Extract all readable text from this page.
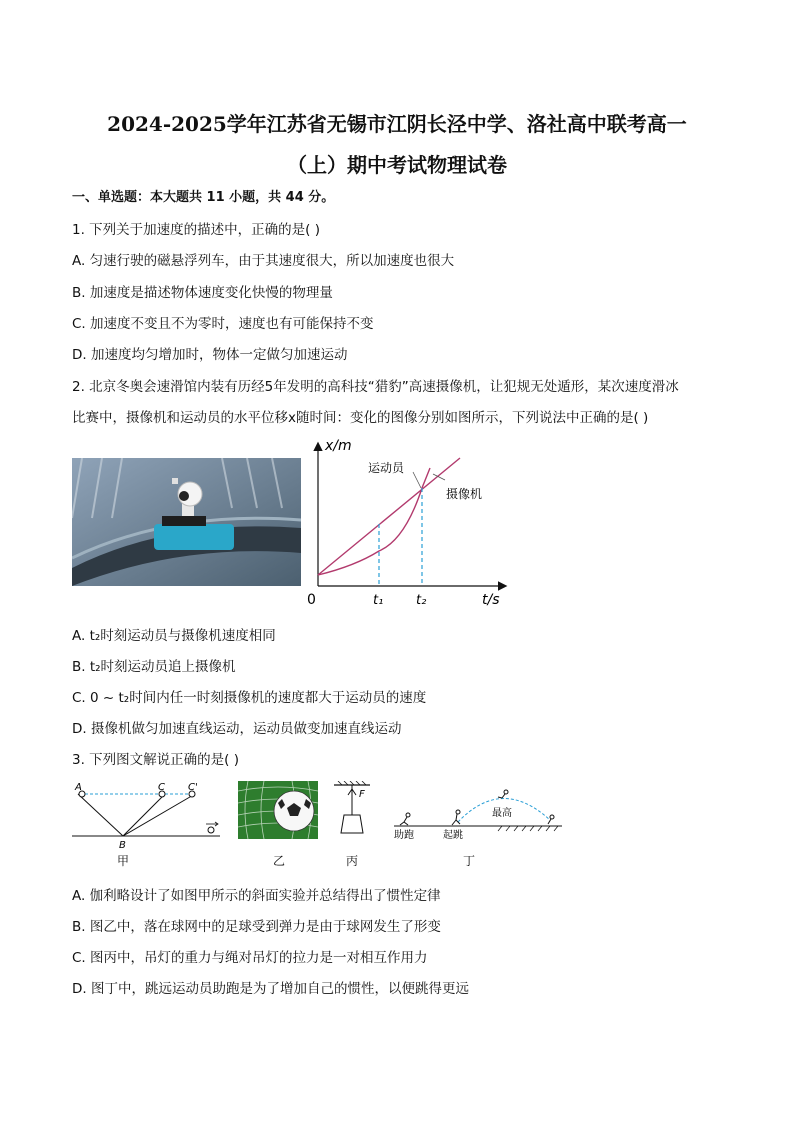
2024-2025学年江苏省无锡市江阴长泾中学、洛社高中联考高一
（上）期中考试物理试卷
一、单选题：本大题共 11 小题，共 44 分。
1. 下列关于加速度的描述中，正确的是( )
A. 匀速行驶的磁悬浮列车，由于其速度很大，所以加速度也很大
B. 加速度是描述物体速度变化快慢的物理量
C. 加速度不变且不为零时，速度也有可能保持不变
D. 加速度均匀增加时，物体一定做匀加速运动
2. 北京冬奥会速滑馆内装有历经5年发明的高科技“猎豹”高速摄像机，让犯规无处遁形，某次速度滑冰
比赛中，摄像机和运动员的水平位移x随时间：变化的图像分别如图所示，下列说法中正确的是( )
x/m
t/s
0	t₁	t₂
运动员
摄像机
A. t₂时刻运动员与摄像机速度相同
B. t₂时刻运动员追上摄像机
C. 0 ~ t₂时间内任一时刻摄像机的速度都大于运动员的速度
D. 摄像机做匀加速直线运动，运动员做变加速直线运动
3. 下列图文解说正确的是( )
A	C C'
B
甲	乙
F
丙
助跑	起跳
最高
丁
A. 伽利略设计了如图甲所示的斜面实验并总结得出了惯性定律
B. 图乙中，落在球网中的足球受到弹力是由于球网发生了形变
C. 图丙中，吊灯的重力与绳对吊灯的拉力是一对相互作用力
D. 图丁中，跳远运动员助跑是为了增加自己的惯性，以便跳得更远
